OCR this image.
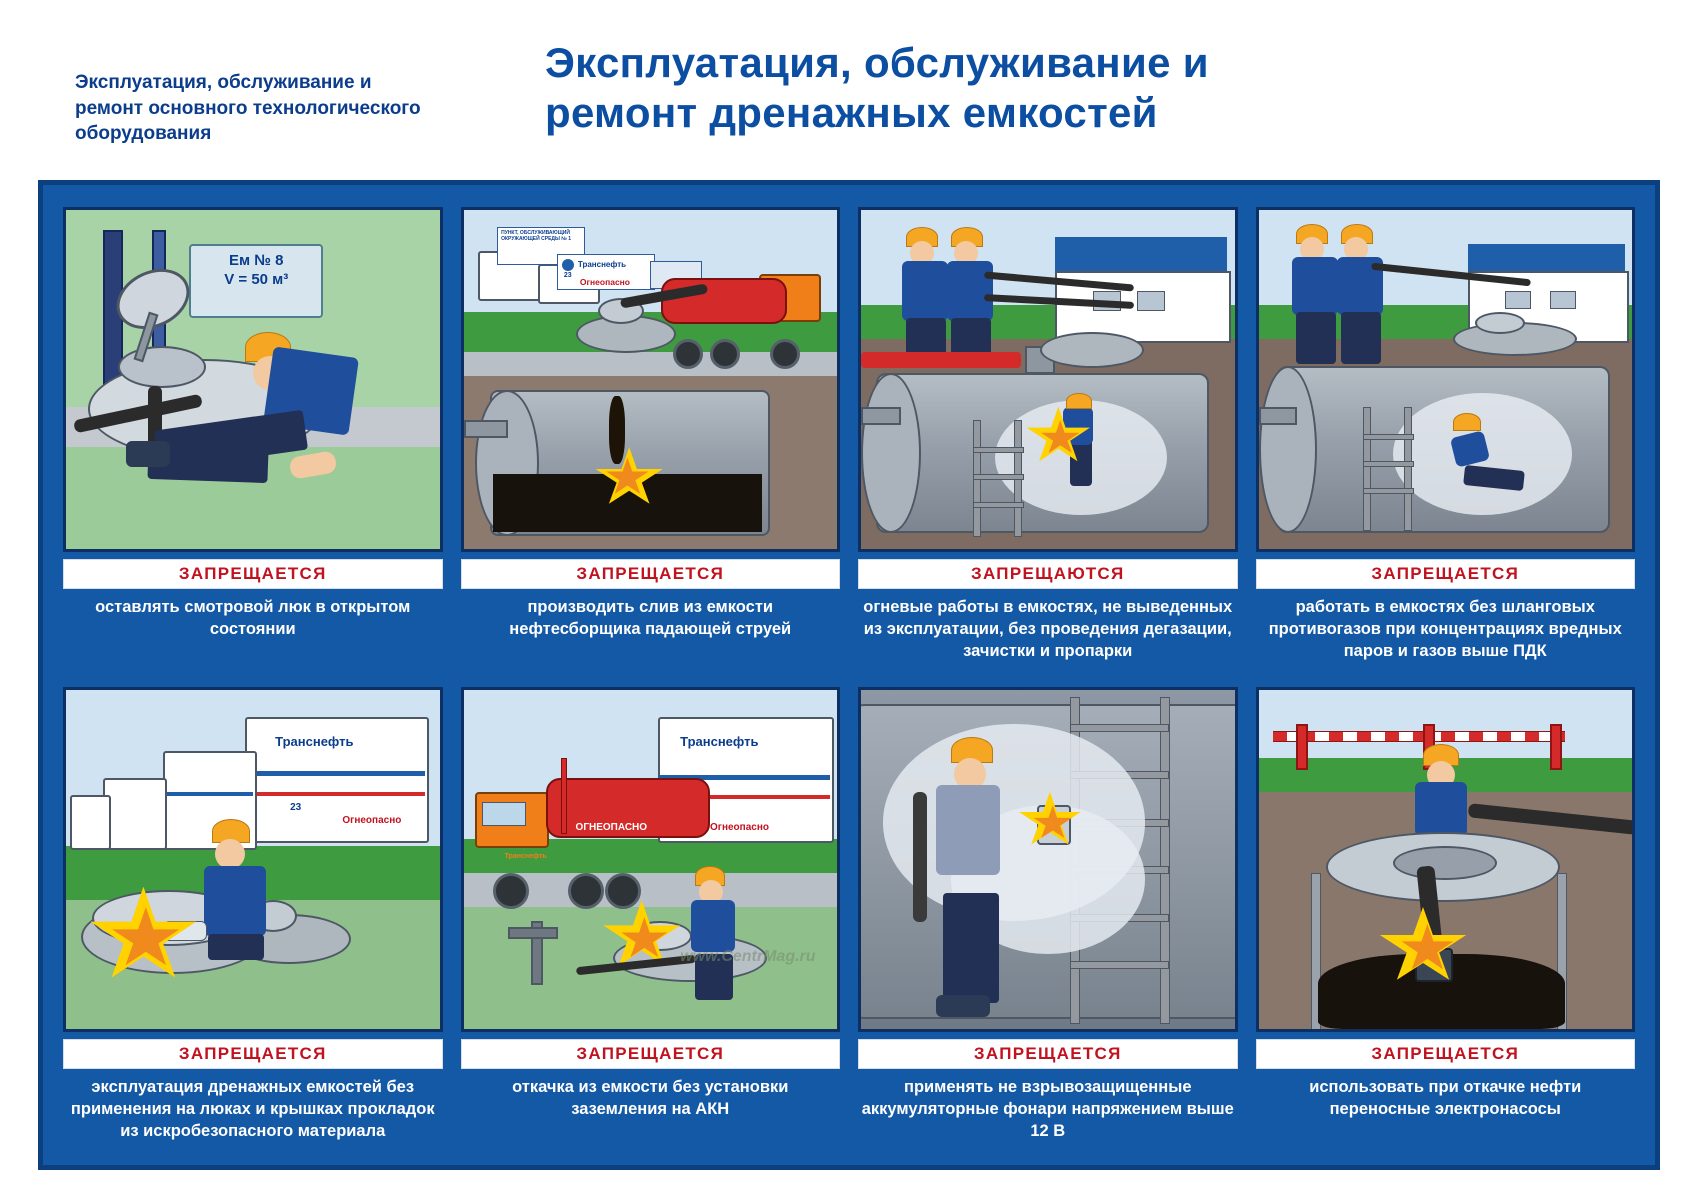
Эксплуатация, обслуживание и ремонт основного технологического оборудования
Эксплуатация, обслуживание и ремонт дренажных емкостей
Ем № 8
V = 50 м³
ЗАПРЕЩАЕТСЯ
оставлять смотровой люк в открытом состоянии
ПУНКТ, ОБСЛУЖИВАЮЩИЙ ОКРУЖАЮЩЕЙ СРЕДЫ № 1
Транснефть
23
Огнеопасно
ЗАПРЕЩАЕТСЯ
производить слив из емкости нефтесборщика падающей струей
ЗАПРЕЩАЮТСЯ
огневые работы в емкостях, не выведенных из эксплуатации, без проведения дегазации, зачистки и пропарки
ЗАПРЕЩАЕТСЯ
работать в емкостях без шланговых противогазов при концентрациях вредных паров и газов выше ПДК
Транснефть
23
Огнеопасно
ЗАПРЕЩАЕТСЯ
эксплуатация дренажных емкостей без применения на люках и крышках прокладок из искробезопасного материала
Транснефть
Огнеопасно
ОГНЕОПАСНО
Транснефть
www.CentrMag.ru
ЗАПРЕЩАЕТСЯ
откачка из емкости без установки заземления на АКН
ЗАПРЕЩАЕТСЯ
применять не взрывозащищенные аккумуляторные фонари напряжением выше 12 В
ЗАПРЕЩАЕТСЯ
использовать при откачке нефти переносные электронасосы
